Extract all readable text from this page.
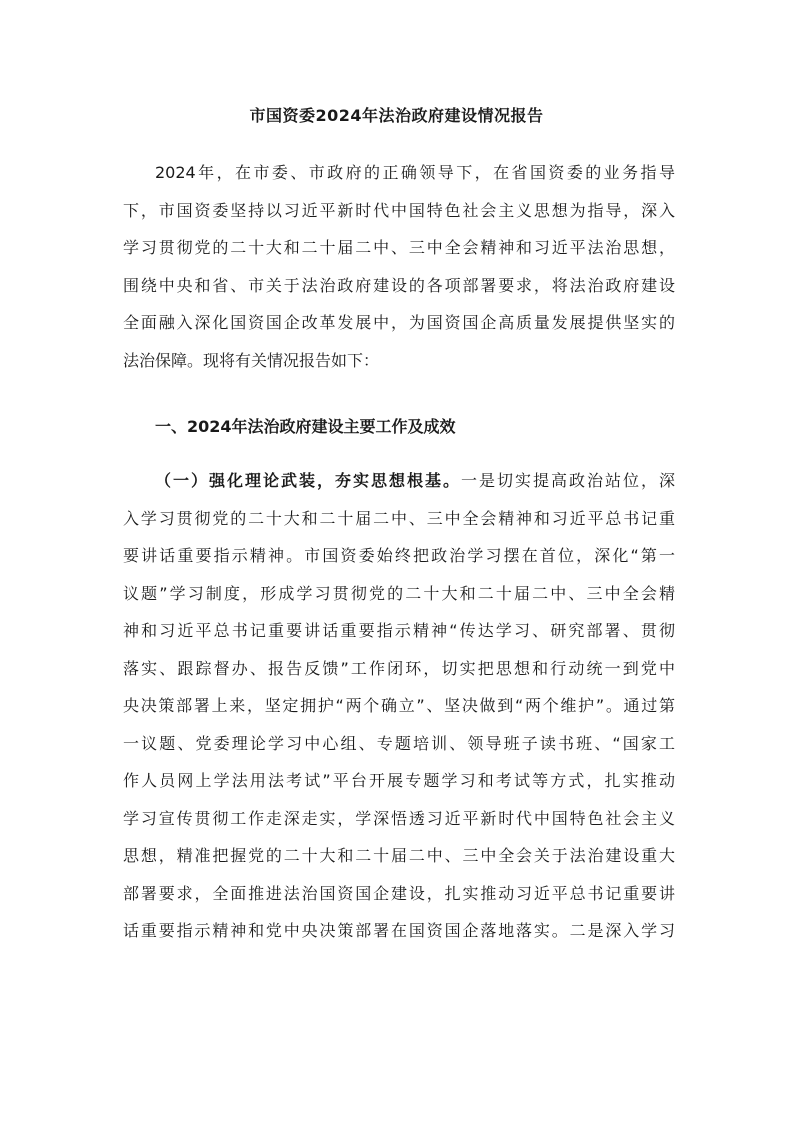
市国资委2024年法治政府建设情况报告
2024年，在市委、市政府的正确领导下，在省国资委的业务指导
下，市国资委坚持以习近平新时代中国特色社会主义思想为指导，深入
学习贯彻党的二十大和二十届二中、三中全会精神和习近平法治思想，
围绕中央和省、市关于法治政府建设的各项部署要求，将法治政府建设
全面融入深化国资国企改革发展中，为国资国企高质量发展提供坚实的
法治保障。现将有关情况报告如下：
一、2024年法治政府建设主要工作及成效
（一）强化理论武装，夯实思想根基。一是切实提高政治站位，深
入学习贯彻党的二十大和二十届二中、三中全会精神和习近平总书记重
要讲话重要指示精神。市国资委始终把政治学习摆在首位，深化“第一
议题”学习制度，形成学习贯彻党的二十大和二十届二中、三中全会精
神和习近平总书记重要讲话重要指示精神“传达学习、研究部署、贯彻
落实、跟踪督办、报告反馈”工作闭环，切实把思想和行动统一到党中
央决策部署上来，坚定拥护“两个确立”、坚决做到“两个维护”。通过第
一议题、党委理论学习中心组、专题培训、领导班子读书班、“国家工
作人员网上学法用法考试”平台开展专题学习和考试等方式，扎实推动
学习宣传贯彻工作走深走实，学深悟透习近平新时代中国特色社会主义
思想，精准把握党的二十大和二十届二中、三中全会关于法治建设重大
部署要求，全面推进法治国资国企建设，扎实推动习近平总书记重要讲
话重要指示精神和党中央决策部署在国资国企落地落实。二是深入学习
